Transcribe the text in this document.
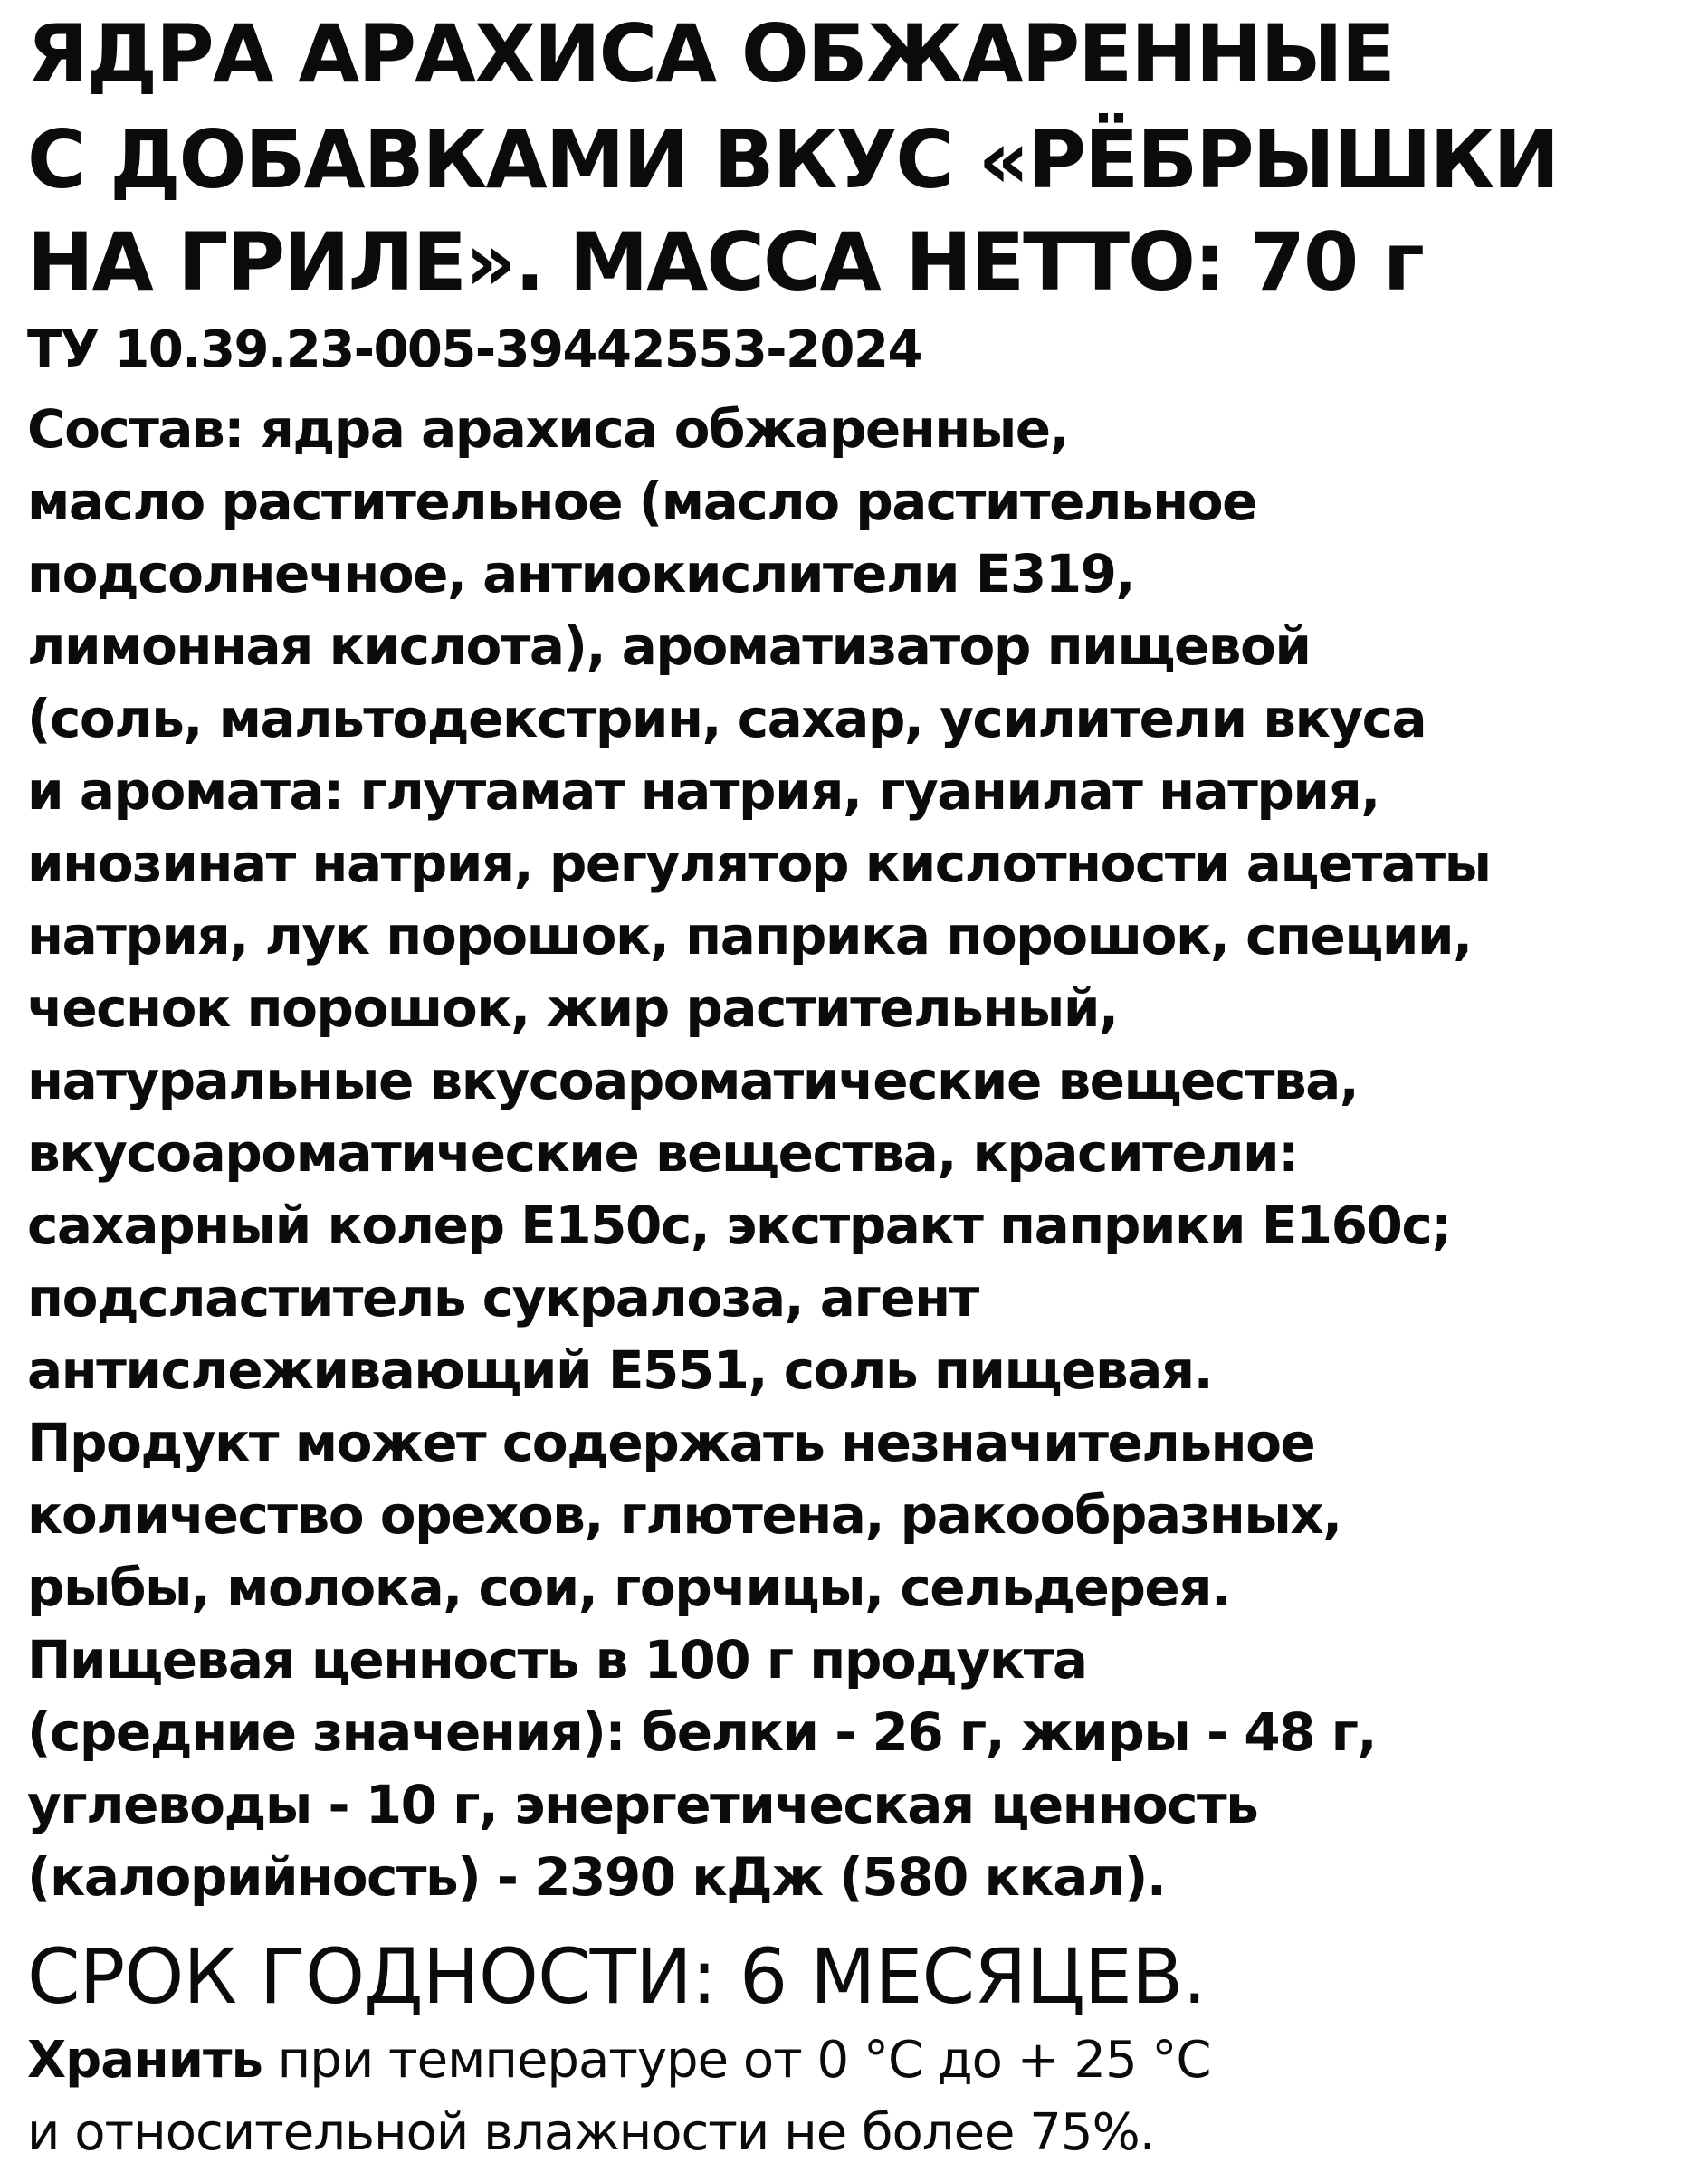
ЯДРА АРАХИСА ОБЖАРЕННЫЕ
С ДОБАВКАМИ ВКУС «РЁБРЫШКИ
НА ГРИЛЕ». МАССА НЕТТО: 70 г
ТУ 10.39.23-005-39442553-2024
Состав: ядра арахиса обжаренные,
масло растительное (масло растительное
подсолнечное, антиокислители Е319,
лимонная кислота), ароматизатор пищевой
(соль, мальтодекстрин, сахар, усилители вкуса
и аромата: глутамат натрия, гуанилат натрия,
инозинат натрия, регулятор кислотности ацетаты
натрия, лук порошок, паприка порошок, специи,
чеснок порошок, жир растительный,
натуральные вкусоароматические вещества,
вкусоароматические вещества, красители:
сахарный колер Е150с, экстракт паприки Е160с;
подсластитель сукралоза, агент
антислеживающий Е551, соль пищевая.
Продукт может содержать незначительное
количество орехов, глютена, ракообразных,
рыбы, молока, сои, горчицы, сельдерея.
Пищевая ценность в 100 г продукта
(средние значения): белки - 26 г, жиры - 48 г,
углеводы - 10 г, энергетическая ценность
(калорийность) - 2390 кДж (580 ккал).
СРОК ГОДНОСТИ: 6 МЕСЯЦЕВ.
Хранить при температуре от 0 °С до + 25 °С
и относительной влажности не более 75%.
